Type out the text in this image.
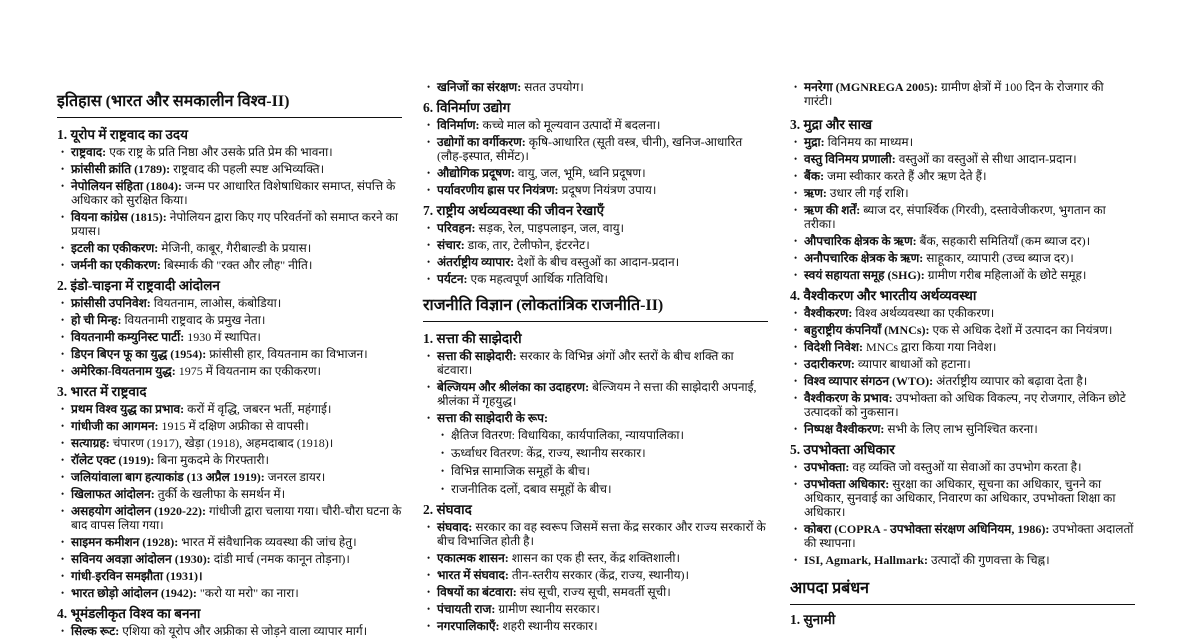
इतिहास (भारत और समकालीन विश्व-II)
1. यूरोप में राष्ट्रवाद का उदय
• राष्ट्रवाद: एक राष्ट्र के प्रति निष्ठा और उसके प्रति प्रेम की भावना।
• फ्रांसीसी क्रांति (1789): राष्ट्रवाद की पहली स्पष्ट अभिव्यक्ति।
• नेपोलियन संहिता (1804): जन्म पर आधारित विशेषाधिकार समाप्त, संपत्ति के अधिकार को सुरक्षित किया।
• वियना कांग्रेस (1815): नेपोलियन द्वारा किए गए परिवर्तनों को समाप्त करने का प्रयास।
• इटली का एकीकरण: मेजिनी, काबूर, गैरीबाल्डी के प्रयास।
• जर्मनी का एकीकरण: बिस्मार्क की "रक्त और लौह" नीति।
2. इंडो-चाइना में राष्ट्रवादी आंदोलन
• फ्रांसीसी उपनिवेश: वियतनाम, लाओस, कंबोडिया।
• हो ची मिन्ह: वियतनामी राष्ट्रवाद के प्रमुख नेता।
• वियतनामी कम्युनिस्ट पार्टी: 1930 में स्थापित।
• डिएन बिएन फू का युद्ध (1954): फ्रांसीसी हार, वियतनाम का विभाजन।
• अमेरिका-वियतनाम युद्ध: 1975 में वियतनाम का एकीकरण।
3. भारत में राष्ट्रवाद
• प्रथम विश्व युद्ध का प्रभाव: करों में वृद्धि, जबरन भर्ती, महंगाई।
• गांधीजी का आगमन: 1915 में दक्षिण अफ्रीका से वापसी।
• सत्याग्रह: चंपारण (1917), खेड़ा (1918), अहमदाबाद (1918)।
• रॉलेट एक्ट (1919): बिना मुकदमे के गिरफ्तारी।
• जलियांवाला बाग हत्याकांड (13 अप्रैल 1919): जनरल डायर।
• खिलाफत आंदोलन: तुर्की के खलीफा के समर्थन में।
• असहयोग आंदोलन (1920-22): गांधीजी द्वारा चलाया गया। चौरी-चौरा घटना के बाद वापस लिया गया।
• साइमन कमीशन (1928): भारत में संवैधानिक व्यवस्था की जांच हेतु।
• सविनय अवज्ञा आंदोलन (1930): दांडी मार्च (नमक कानून तोड़ना)।
• गांधी-इरविन समझौता (1931)।
• भारत छोड़ो आंदोलन (1942): "करो या मरो" का नारा।
4. भूमंडलीकृत विश्व का बनना
• सिल्क रूट: एशिया को यूरोप और अफ्रीका से जोड़ने वाला व्यापार मार्ग।
• खनिजों का संरक्षण: सतत उपयोग।
6. विनिर्माण उद्योग
• विनिर्माण: कच्चे माल को मूल्यवान उत्पादों में बदलना।
• उद्योगों का वर्गीकरण: कृषि-आधारित (सूती वस्त्र, चीनी), खनिज-आधारित (लौह-इस्पात, सीमेंट)।
• औद्योगिक प्रदूषण: वायु, जल, भूमि, ध्वनि प्रदूषण।
• पर्यावरणीय ह्रास पर नियंत्रण: प्रदूषण नियंत्रण उपाय।
7. राष्ट्रीय अर्थव्यवस्था की जीवन रेखाएँ
• परिवहन: सड़क, रेल, पाइपलाइन, जल, वायु।
• संचार: डाक, तार, टेलीफोन, इंटरनेट।
• अंतर्राष्ट्रीय व्यापार: देशों के बीच वस्तुओं का आदान-प्रदान।
• पर्यटन: एक महत्वपूर्ण आर्थिक गतिविधि।
राजनीति विज्ञान (लोकतांत्रिक राजनीति-II)
1. सत्ता की साझेदारी
• सत्ता की साझेदारी: सरकार के विभिन्न अंगों और स्तरों के बीच शक्ति का बंटवारा।
• बेल्जियम और श्रीलंका का उदाहरण: बेल्जियम ने सत्ता की साझेदारी अपनाई, श्रीलंका में गृहयुद्ध।
• सत्ता की साझेदारी के रूप:
• क्षैतिज वितरण: विधायिका, कार्यपालिका, न्यायपालिका।
• ऊर्ध्वाधर वितरण: केंद्र, राज्य, स्थानीय सरकार।
• विभिन्न सामाजिक समूहों के बीच।
• राजनीतिक दलों, दबाव समूहों के बीच।
2. संघवाद
• संघवाद: सरकार का वह स्वरूप जिसमें सत्ता केंद्र सरकार और राज्य सरकारों के बीच विभाजित होती है।
• एकात्मक शासन: शासन का एक ही स्तर, केंद्र शक्तिशाली।
• भारत में संघवाद: तीन-स्तरीय सरकार (केंद्र, राज्य, स्थानीय)।
• विषयों का बंटवारा: संघ सूची, राज्य सूची, समवर्ती सूची।
• पंचायती राज: ग्रामीण स्थानीय सरकार।
• नगरपालिकाएँ: शहरी स्थानीय सरकार।
• मनरेगा (MGNREGA 2005): ग्रामीण क्षेत्रों में 100 दिन के रोजगार की गारंटी।
3. मुद्रा और साख
• मुद्रा: विनिमय का माध्यम।
• वस्तु विनिमय प्रणाली: वस्तुओं का वस्तुओं से सीधा आदान-प्रदान।
• बैंक: जमा स्वीकार करते हैं और ऋण देते हैं।
• ऋण: उधार ली गई राशि।
• ऋण की शर्तें: ब्याज दर, संपार्श्विक (गिरवी), दस्तावेजीकरण, भुगतान का तरीका।
• औपचारिक क्षेत्रक के ऋण: बैंक, सहकारी समितियाँ (कम ब्याज दर)।
• अनौपचारिक क्षेत्रक के ऋण: साहूकार, व्यापारी (उच्च ब्याज दर)।
• स्वयं सहायता समूह (SHG): ग्रामीण गरीब महिलाओं के छोटे समूह।
4. वैश्वीकरण और भारतीय अर्थव्यवस्था
• वैश्वीकरण: विश्व अर्थव्यवस्था का एकीकरण।
• बहुराष्ट्रीय कंपनियाँ (MNCs): एक से अधिक देशों में उत्पादन का नियंत्रण।
• विदेशी निवेश: MNCs द्वारा किया गया निवेश।
• उदारीकरण: व्यापार बाधाओं को हटाना।
• विश्व व्यापार संगठन (WTO): अंतर्राष्ट्रीय व्यापार को बढ़ावा देता है।
• वैश्वीकरण के प्रभाव: उपभोक्ता को अधिक विकल्प, नए रोजगार, लेकिन छोटे उत्पादकों को नुकसान।
• निष्पक्ष वैश्वीकरण: सभी के लिए लाभ सुनिश्चित करना।
5. उपभोक्ता अधिकार
• उपभोक्ता: वह व्यक्ति जो वस्तुओं या सेवाओं का उपभोग करता है।
• उपभोक्ता अधिकार: सुरक्षा का अधिकार, सूचना का अधिकार, चुनने का अधिकार, सुनवाई का अधिकार, निवारण का अधिकार, उपभोक्ता शिक्षा का अधिकार।
• कोबरा (COPRA - उपभोक्ता संरक्षण अधिनियम, 1986): उपभोक्ता अदालतों की स्थापना।
• ISI, Agmark, Hallmark: उत्पादों की गुणवत्ता के चिह्न।
आपदा प्रबंधन
1. सुनामी
